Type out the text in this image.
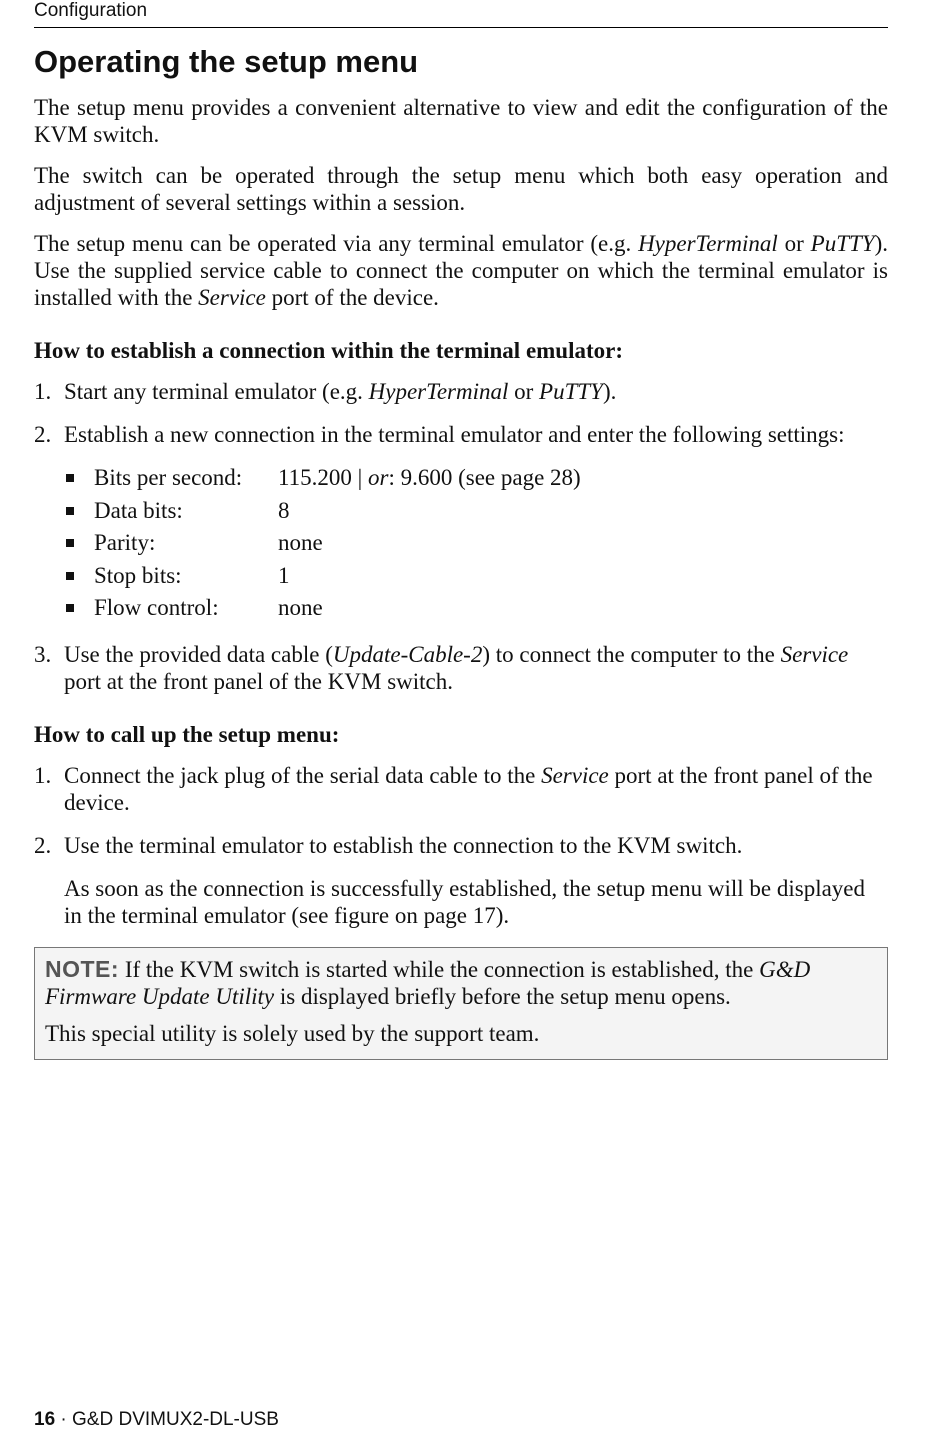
Configuration
Operating the setup menu

The setup menu provides a convenient alternative to view and edit the configuration of the KVM switch.

The switch can be operated through the setup menu which both easy operation and adjustment of several settings within a session.

The setup menu can be operated via any terminal emulator (e.g. HyperTerminal or PuTTY). Use the supplied service cable to connect the computer on which the terminal emulator is installed with the Service port of the device.

How to establish a connection within the terminal emulator:
1. Start any terminal emulator (e.g. HyperTerminal or PuTTY).
2. Establish a new connection in the terminal emulator and enter the following settings:
Bits per second: 115.200 | or: 9.600 (see page 28)
Data bits:	8
Parity:	none
Stop bits:	1
Flow control:	none
3. Use the provided data cable (Update-Cable-2) to connect the computer to the Service port at the front panel of the KVM switch.
How to call up the setup menu:
1. Connect the jack plug of the serial data cable to the Service port at the front panel of the device.
2. Use the terminal emulator to establish the connection to the KVM switch.
As soon as the connection is successfully established, the setup menu will be displayed in the terminal emulator (see figure on page 17).

NOTE: If the KVM switch is started while the connection is established, the G&D Firmware Update Utility is displayed briefly before the setup menu opens.

This special utility is solely used by the support team.

16 · G&D DVIMUX2-DL-USB
